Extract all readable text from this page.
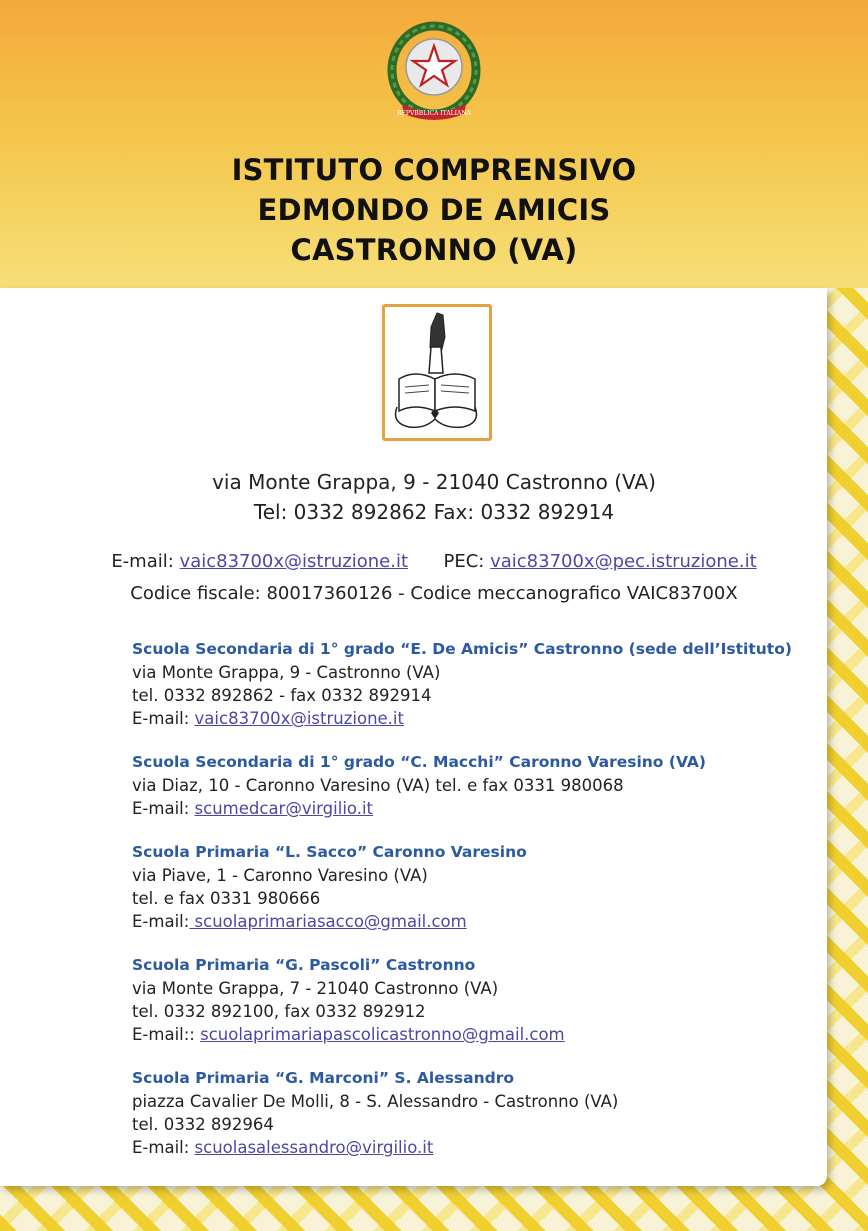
REPVBBLICA ITALIANA
ISTITUTO COMPRENSIVO
EDMONDO DE AMICIS
CASTRONNO (VA)
via Monte Grappa, 9 - 21040 Castronno (VA)
Tel: 0332 892862 Fax: 0332 892914
E-mail: vaic83700x@istruzione.it PEC: vaic83700x@pec.istruzione.it
Codice fiscale: 80017360126 - Codice meccanografico VAIC83700X
Scuola Secondaria di 1° grado “E. De Amicis” Castronno (sede dell’Istituto)
via Monte Grappa, 9 - Castronno (VA)
tel. 0332 892862 - fax 0332 892914
E-mail: vaic83700x@istruzione.it
Scuola Secondaria di 1° grado “C. Macchi” Caronno Varesino (VA)
via Diaz, 10 - Caronno Varesino (VA) tel. e fax 0331 980068
E-mail: scumedcar@virgilio.it
Scuola Primaria “L. Sacco” Caronno Varesino
via Piave, 1 - Caronno Varesino (VA)
tel. e fax 0331 980666
E-mail: scuolaprimariasacco@gmail.com
Scuola Primaria “G. Pascoli” Castronno
via Monte Grappa, 7 - 21040 Castronno (VA)
tel. 0332 892100, fax 0332 892912
E-mail:: scuolaprimariapascolicastronno@gmail.com
Scuola Primaria “G. Marconi” S. Alessandro
piazza Cavalier De Molli, 8 - S. Alessandro - Castronno (VA)
tel. 0332 892964
E-mail: scuolasalessandro@virgilio.it
